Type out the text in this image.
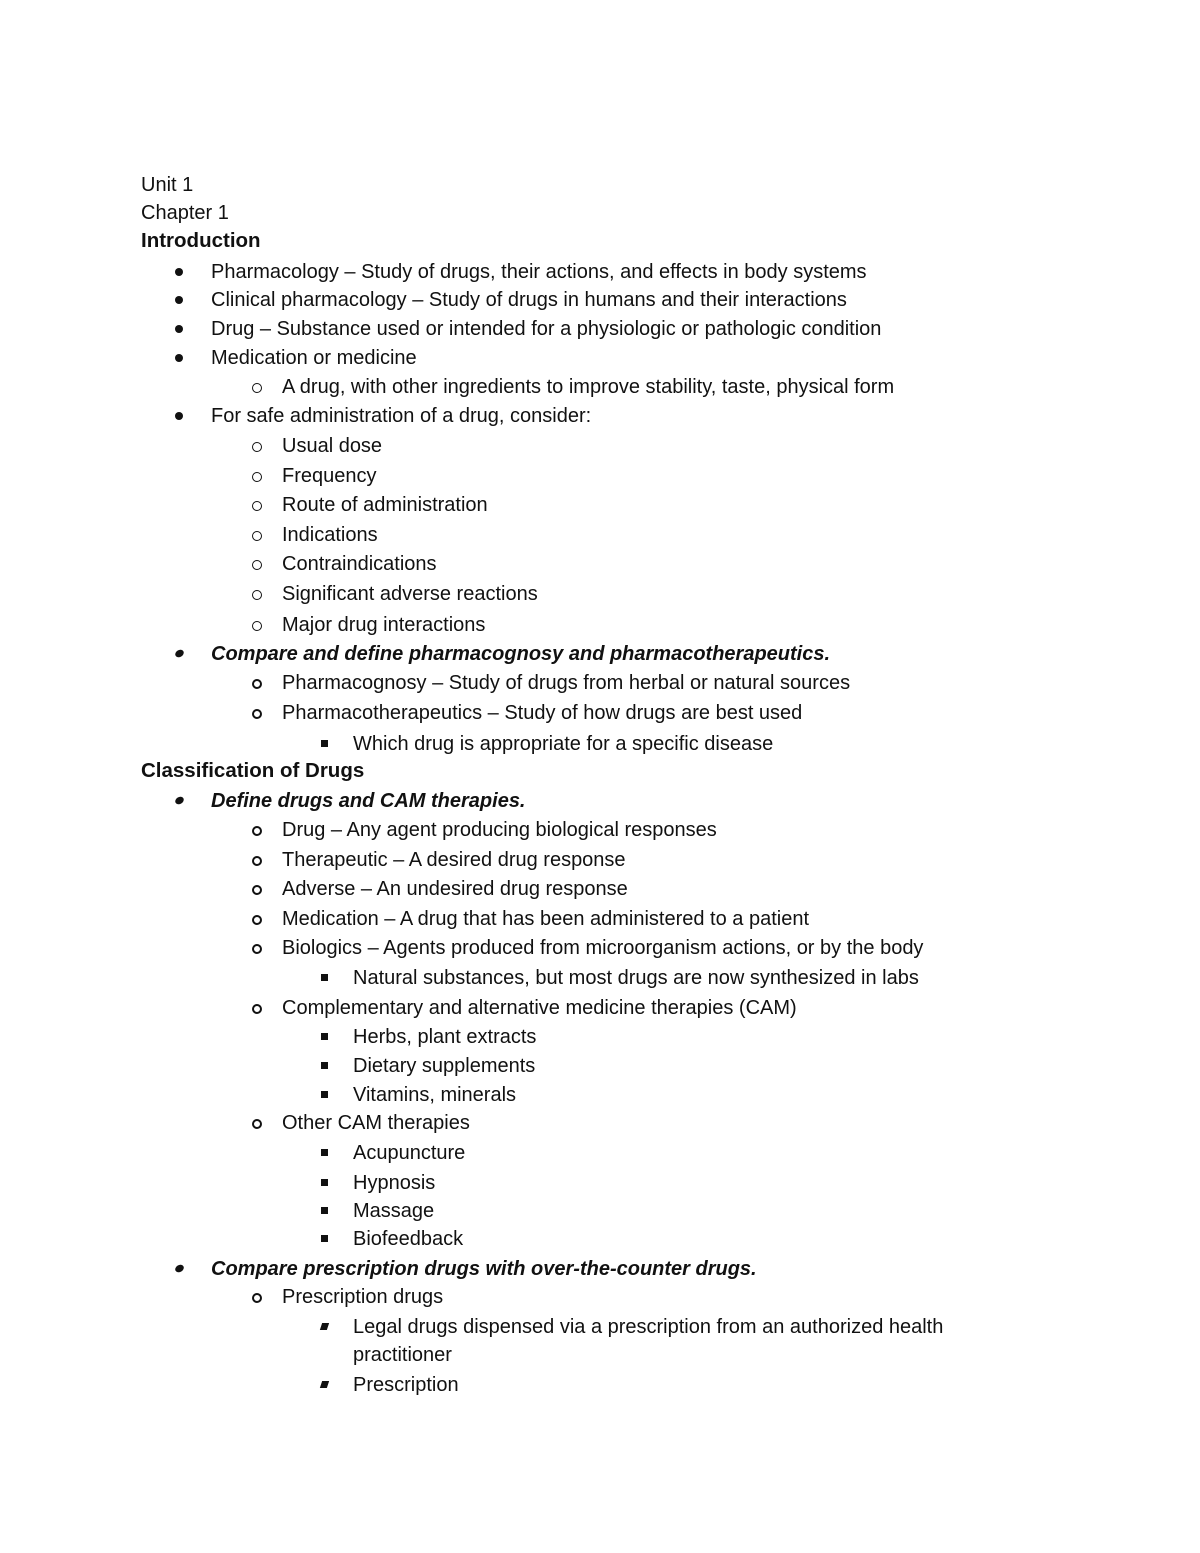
Unit 1
Chapter 1
Introduction
Pharmacology – Study of drugs, their actions, and effects in body systems
Clinical pharmacology – Study of drugs in humans and their interactions
Drug – Substance used or intended for a physiologic or pathologic condition
Medication or medicine
A drug, with other ingredients to improve stability, taste, physical form
For safe administration of a drug, consider:
Usual dose
Frequency
Route of administration
Indications
Contraindications
Significant adverse reactions
Major drug interactions
Compare and define pharmacognosy and pharmacotherapeutics.
Pharmacognosy – Study of drugs from herbal or natural sources
Pharmacotherapeutics – Study of how drugs are best used
Which drug is appropriate for a specific disease
Classification of Drugs
Define drugs and CAM therapies.
Drug – Any agent producing biological responses
Therapeutic – A desired drug response
Adverse – An undesired drug response
Medication – A drug that has been administered to a patient
Biologics – Agents produced from microorganism actions, or by the body
Natural substances, but most drugs are now synthesized in labs
Complementary and alternative medicine therapies (CAM)
Herbs, plant extracts
Dietary supplements
Vitamins, minerals
Other CAM therapies
Acupuncture
Hypnosis
Massage
Biofeedback
Compare prescription drugs with over-the-counter drugs.
Prescription drugs
Legal drugs dispensed via a prescription from an authorized health
practitioner
Prescription
